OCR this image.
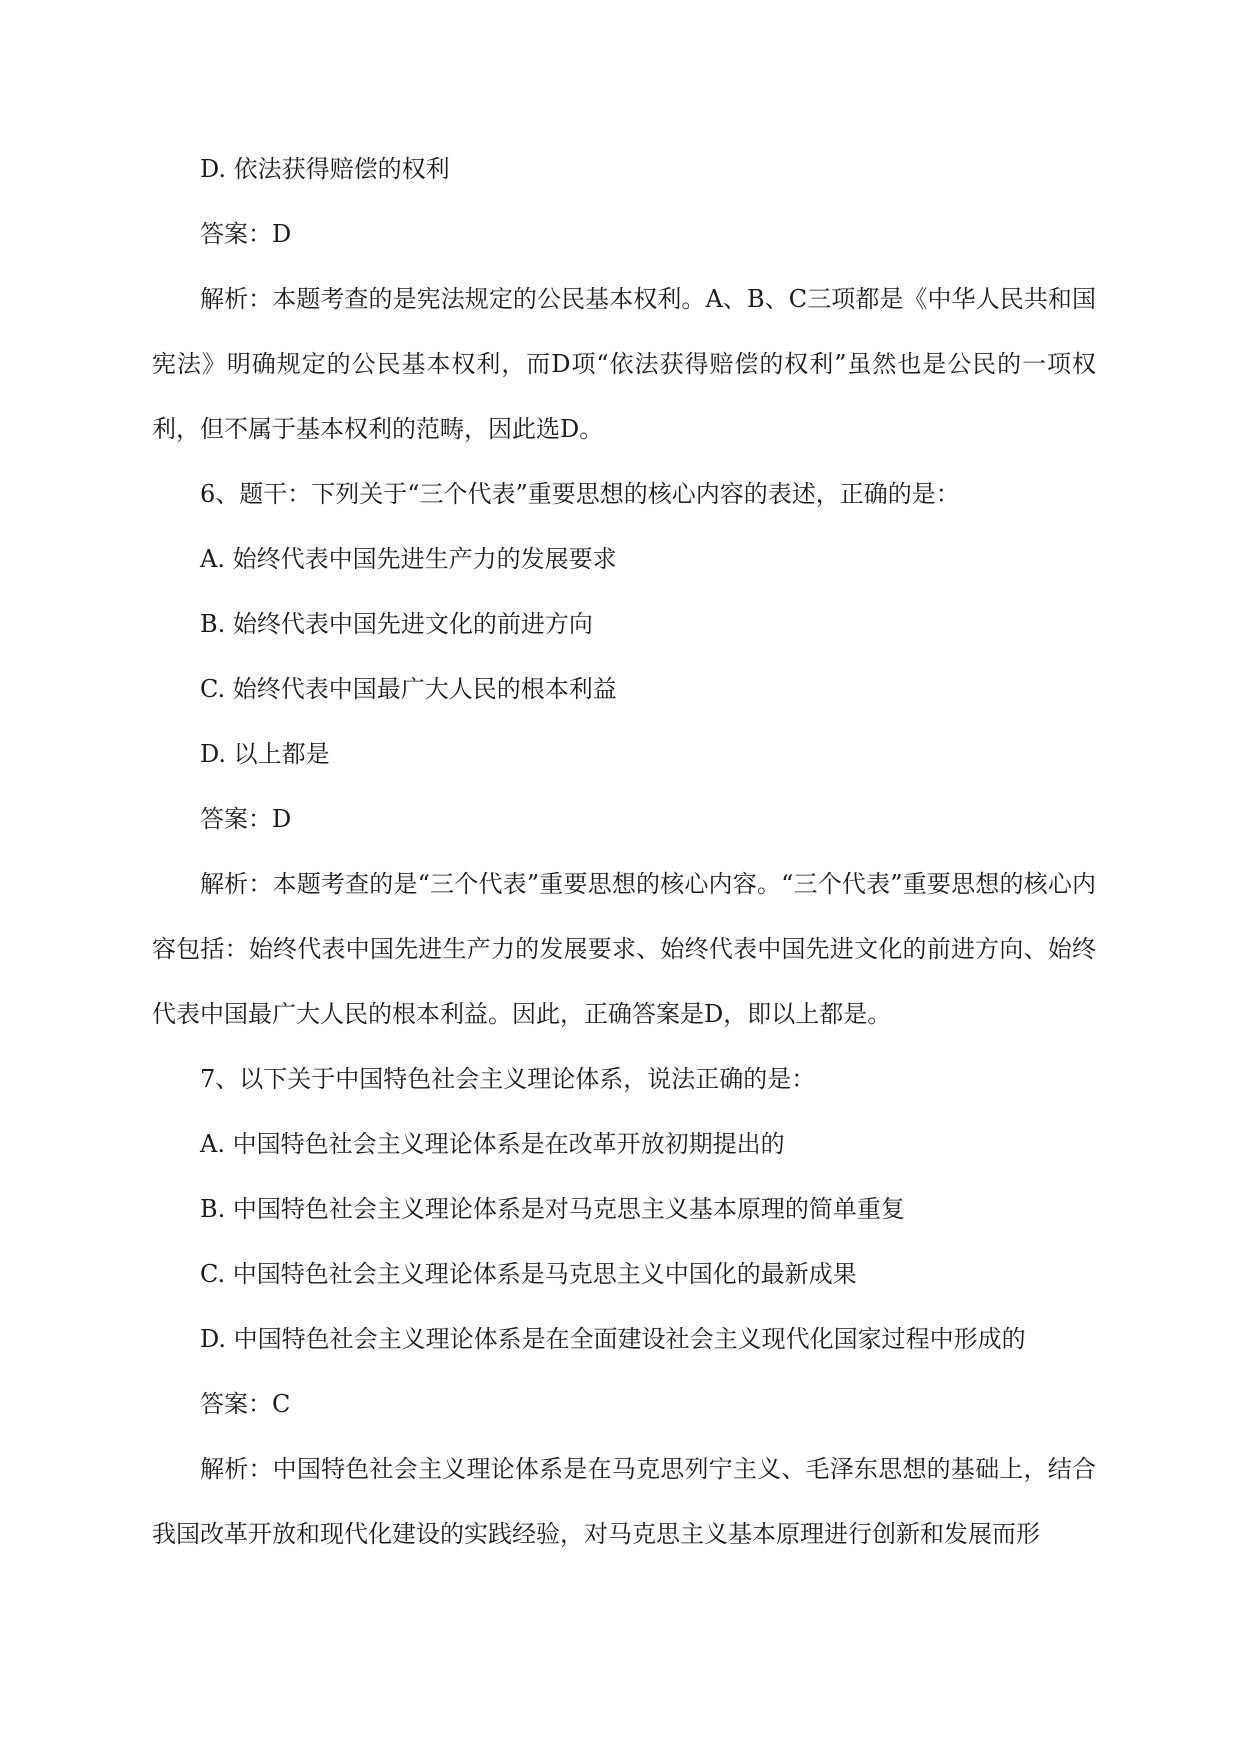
D. 依法获得赔偿的权利

答案：D

解析：本题考查的是宪法规定的公民基本权利。A、B、C三项都是《中华人民共和国宪法》明确规定的公民基本权利，而D项“依法获得赔偿的权利”虽然也是公民的一项权利，但不属于基本权利的范畴，因此选D。

6、题干：下列关于“三个代表”重要思想的核心内容的表述，正确的是：

A. 始终代表中国先进生产力的发展要求

B. 始终代表中国先进文化的前进方向

C. 始终代表中国最广大人民的根本利益

D. 以上都是

答案：D

解析：本题考查的是“三个代表”重要思想的核心内容。“三个代表”重要思想的核心内容包括：始终代表中国先进生产力的发展要求、始终代表中国先进文化的前进方向、始终代表中国最广大人民的根本利益。因此，正确答案是D，即以上都是。

7、以下关于中国特色社会主义理论体系，说法正确的是：

A. 中国特色社会主义理论体系是在改革开放初期提出的

B. 中国特色社会主义理论体系是对马克思主义基本原理的简单重复

C. 中国特色社会主义理论体系是马克思主义中国化的最新成果

D. 中国特色社会主义理论体系是在全面建设社会主义现代化国家过程中形成的

答案：C

解析：中国特色社会主义理论体系是在马克思列宁主义、毛泽东思想的基础上，结合我国改革开放和现代化建设的实践经验，对马克思主义基本原理进行创新和发展而形
